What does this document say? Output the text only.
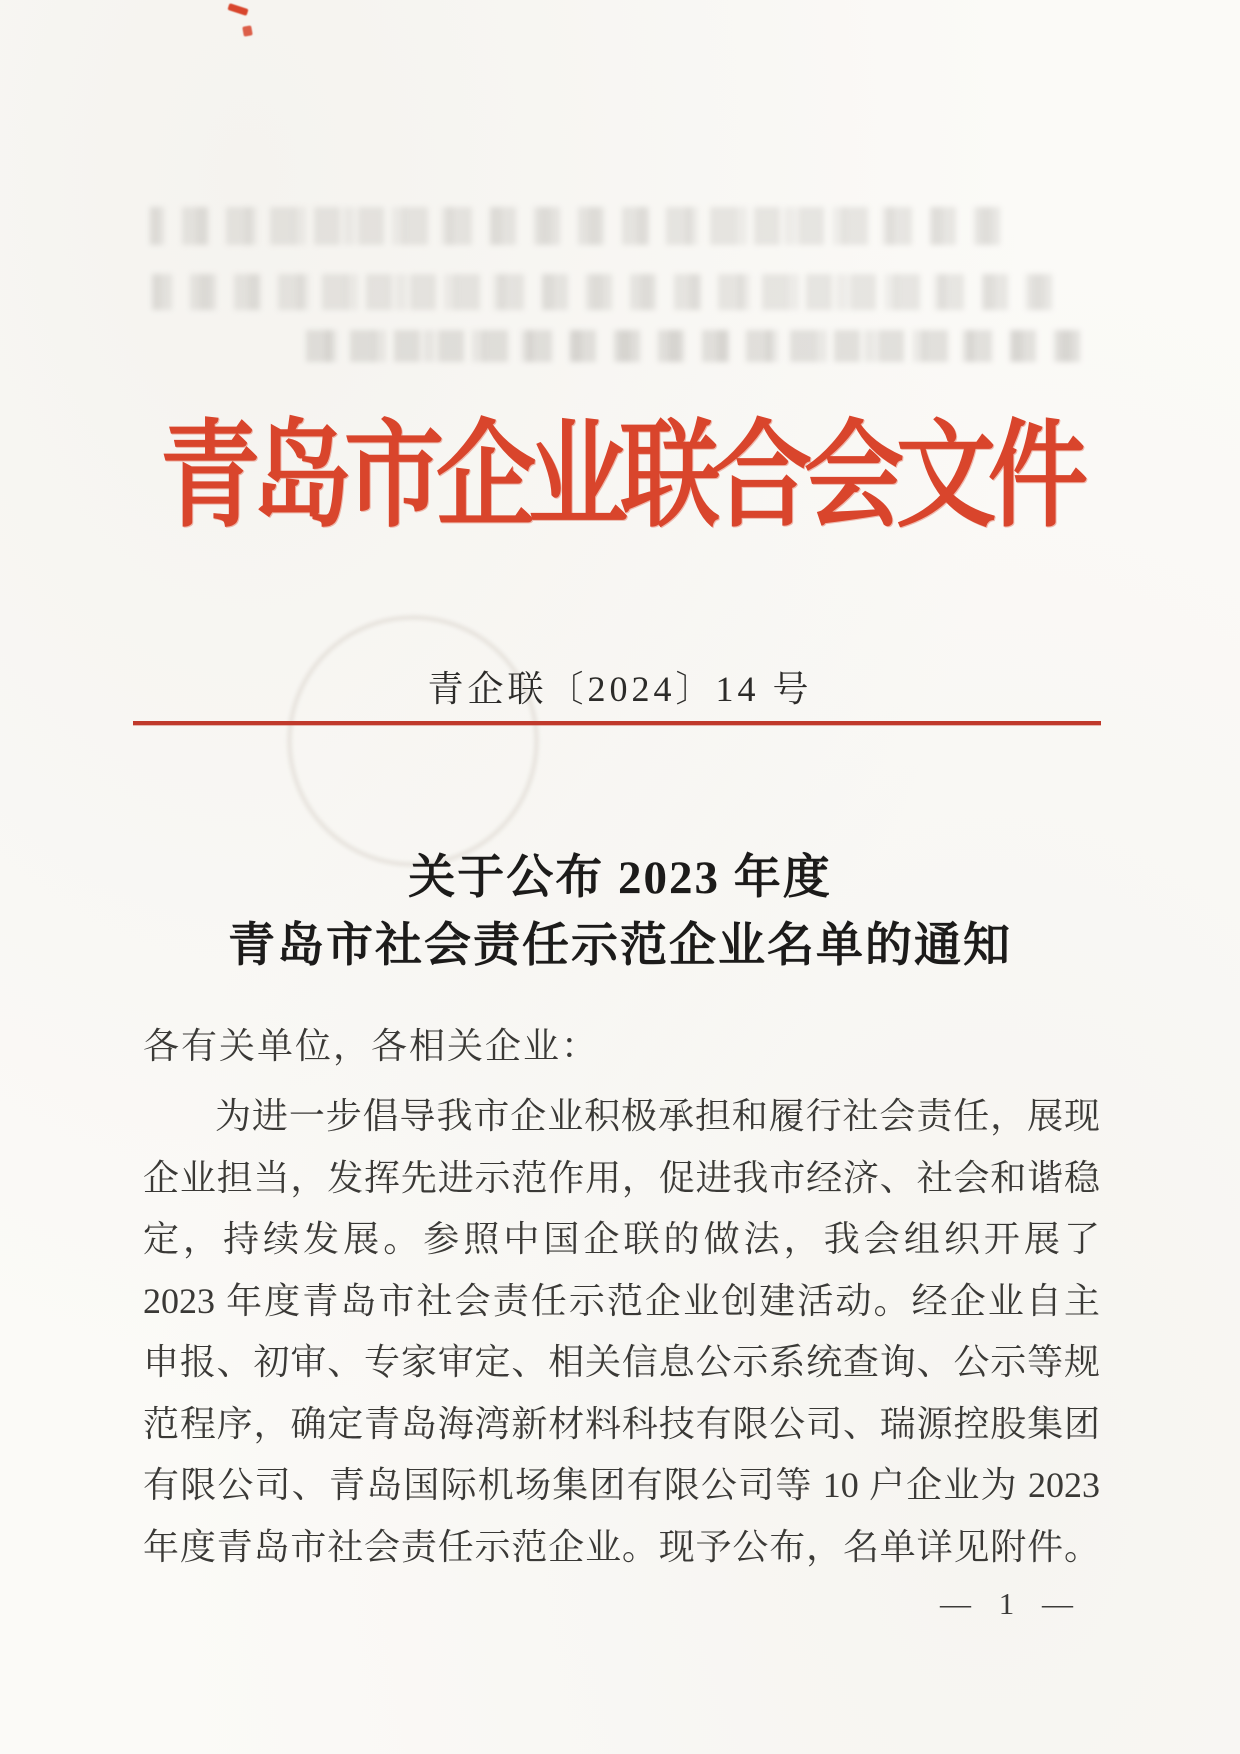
青岛市企业联合会文件
青企联〔2024〕14 号
关于公布 2023 年度
青岛市社会责任示范企业名单的通知
各有关单位，各相关企业：
为进一步倡导我市企业积极承担和履行社会责任，展现
企业担当，发挥先进示范作用，促进我市经济、社会和谐稳
定，持续发展。参照中国企联的做法，我会组织开展了
2023 年度青岛市社会责任示范企业创建活动。经企业自主
申报、初审、专家审定、相关信息公示系统查询、公示等规
范程序，确定青岛海湾新材料科技有限公司、瑞源控股集团
有限公司、青岛国际机场集团有限公司等 10 户企业为 2023
年度青岛市社会责任示范企业。现予公布，名单详见附件。
— 1 —
